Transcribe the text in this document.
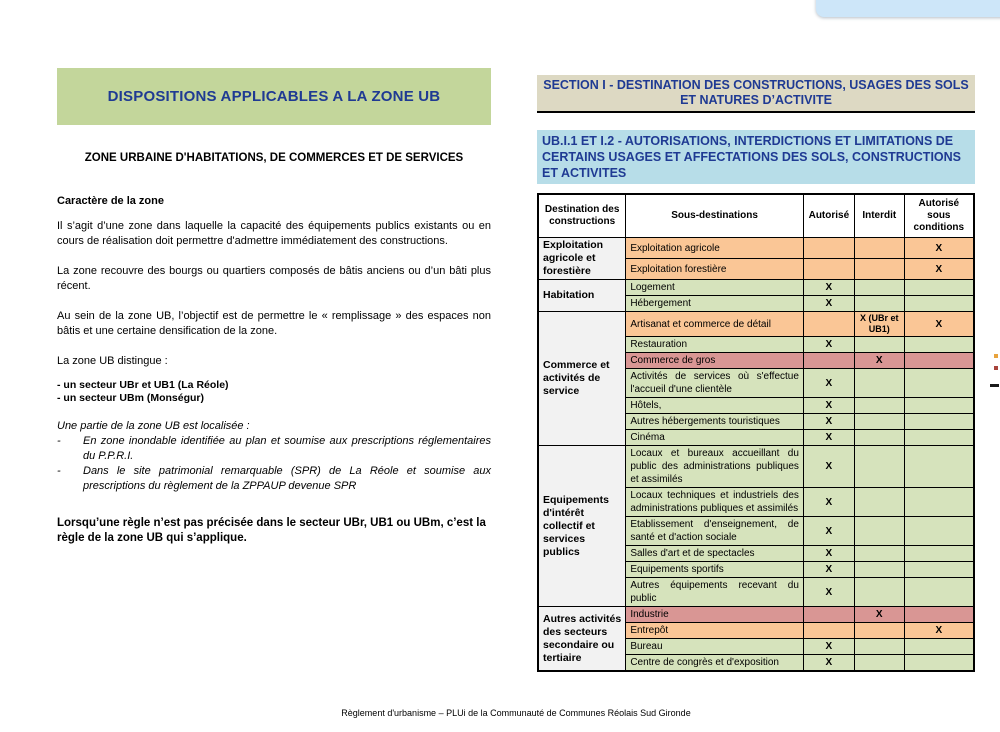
DISPOSITIONS APPLICABLES A LA ZONE UB
ZONE URBAINE D'HABITATIONS, DE COMMERCES ET DE SERVICES
Caractère de la zone

Il s’agit d’une zone dans laquelle la capacité des équipements publics existants ou en cours de réalisation doit permettre d'admettre immédiatement des constructions.

La zone recouvre des bourgs ou quartiers composés de bâtis anciens ou d’un bâti plus récent.

Au sein de la zone UB, l’objectif est de permettre le « remplissage » des espaces non bâtis et une certaine densification de la zone.

La zone UB distingue :

- un secteur UBr et UB1 (La Réole)
- un secteur UBm (Monségur)
Une partie de la zone UB est localisée :
-	En zone inondable identifiée au plan et soumise aux prescriptions réglementaires du P.P.R.I.
-	Dans le site patrimonial remarquable (SPR) de La Réole et soumise aux prescriptions du règlement de la ZPPAUP devenue SPR

Lorsqu’une règle n’est pas précisée dans le secteur UBr, UB1 ou UBm, c’est la règle de la zone UB qui s’applique.

SECTION I - DESTINATION DES CONSTRUCTIONS, USAGES DES SOLS ET NATURES D’ACTIVITE
UB.I.1 ET I.2 - AUTORISATIONS, INTERDICTIONS ET LIMITATIONS DE CERTAINS USAGES ET AFFECTATIONS DES SOLS, CONSTRUCTIONS ET ACTIVITES
Destination des constructions	Sous-destinations	Autorisé	Interdit	Autorisé sous conditions
Exploitation agricole et forestière	Exploitation agricole			X
	Exploitation forestière			X
Habitation	Logement	X		
	Hébergement	X		
Commerce et activités de service	Artisanat et commerce de détail		X (UBr et UB1)	X
	Restauration	X		
	Commerce de gros		X	
	Activités de services où s'effectue l'accueil d'une clientèle	X		
	Hôtels,	X		
	Autres hébergements touristiques	X		
	Cinéma	X		
Equipements d'intérêt collectif et services publics	Locaux et bureaux accueillant du public des administrations publiques et assimilés	X		
	Locaux techniques et industriels des administrations publiques et assimilés	X		
	Etablissement d'enseignement, de santé et d'action sociale	X		
	Salles d'art et de spectacles	X		
	Equipements sportifs	X		
	Autres équipements recevant du public	X		
Autres activités des secteurs secondaire ou tertiaire	Industrie		X	
	Entrepôt			X
	Bureau	X		
	Centre de congrès et d'exposition	X		
Règlement d'urbanisme – PLUi de la Communauté de Communes Réolais Sud Gironde
